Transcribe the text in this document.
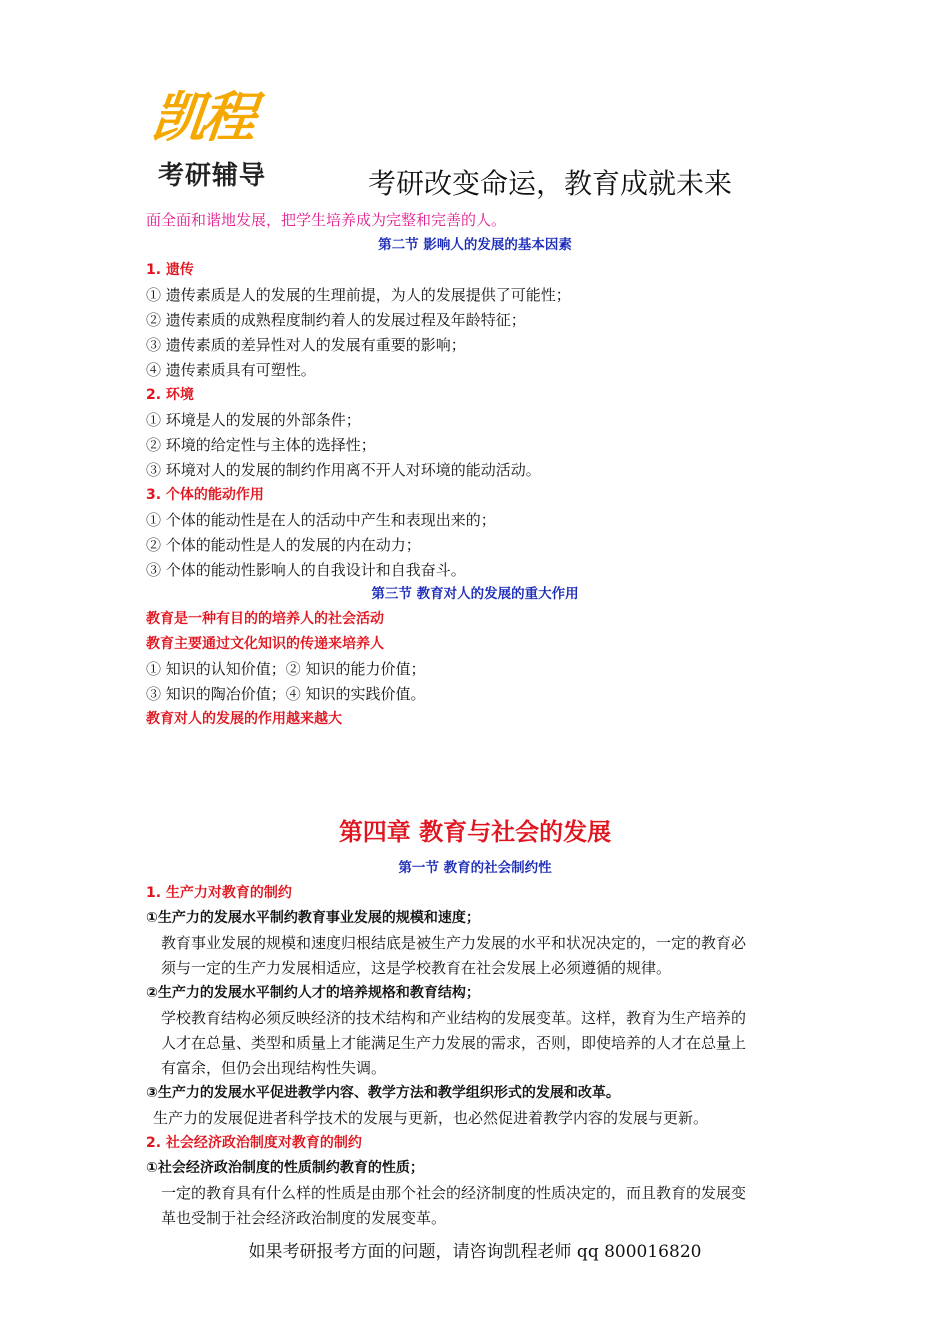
凯程
考研辅导	考研改变命运，教育成就未来
面全面和谐地发展，把学生培养成为完整和完善的人。
第二节 影响人的发展的基本因素
1. 遗传
① 遗传素质是人的发展的生理前提，为人的发展提供了可能性；
② 遗传素质的成熟程度制约着人的发展过程及年龄特征；
③ 遗传素质的差异性对人的发展有重要的影响；
④ 遗传素质具有可塑性。
2. 环境
① 环境是人的发展的外部条件；
② 环境的给定性与主体的选择性；
③ 环境对人的发展的制约作用离不开人对环境的能动活动。
3. 个体的能动作用
① 个体的能动性是在人的活动中产生和表现出来的；
② 个体的能动性是人的发展的内在动力；
③ 个体的能动性影响人的自我设计和自我奋斗。
第三节 教育对人的发展的重大作用
教育是一种有目的的培养人的社会活动
教育主要通过文化知识的传递来培养人
① 知识的认知价值；② 知识的能力价值；
③ 知识的陶冶价值；④ 知识的实践价值。
教育对人的发展的作用越来越大
第四章 教育与社会的发展
第一节 教育的社会制约性
1. 生产力对教育的制约
①生产力的发展水平制约教育事业发展的规模和速度；
教育事业发展的规模和速度归根结底是被生产力发展的水平和状况决定的，一定的教育必
须与一定的生产力发展相适应，这是学校教育在社会发展上必须遵循的规律。
②生产力的发展水平制约人才的培养规格和教育结构；
学校教育结构必须反映经济的技术结构和产业结构的发展变革。这样，教育为生产培养的
人才在总量、类型和质量上才能满足生产力发展的需求，否则，即使培养的人才在总量上
有富余，但仍会出现结构性失调。
③生产力的发展水平促进教学内容、教学方法和教学组织形式的发展和改革。
生产力的发展促进者科学技术的发展与更新，也必然促进着教学内容的发展与更新。
2. 社会经济政治制度对教育的制约
①社会经济政治制度的性质制约教育的性质；
一定的教育具有什么样的性质是由那个社会的经济制度的性质决定的，而且教育的发展变
革也受制于社会经济政治制度的发展变革。
如果考研报考方面的问题，请咨询凯程老师 qq 800016820
